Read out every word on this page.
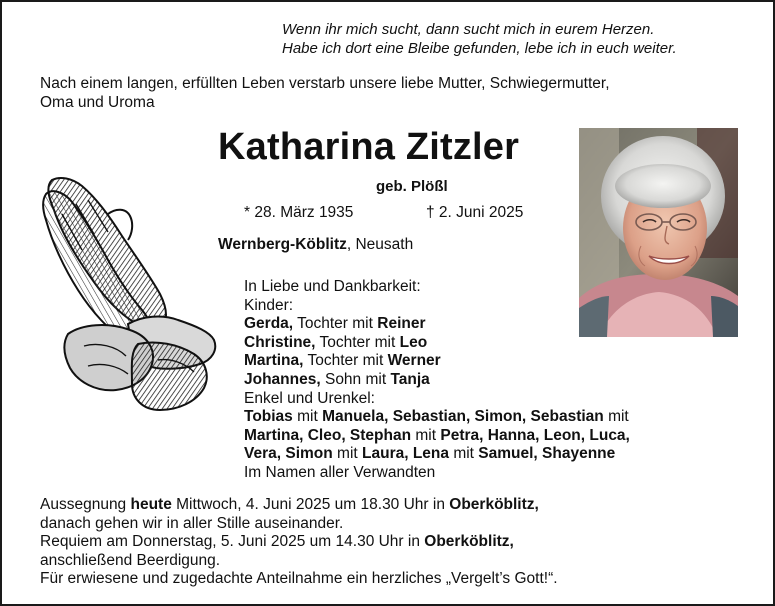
Wenn ihr mich sucht, dann sucht mich in eurem Herzen.
Habe ich dort eine Bleibe gefunden, lebe ich in euch weiter.
Nach einem langen, erfüllten Leben verstarb unsere liebe Mutter, Schwiegermutter,
Oma und Uroma
Katharina Zitzler
geb. Plößl
* 28. März 1935	† 2. Juni 2025
Wernberg-Köblitz, Neusath
In Liebe und Dankbarkeit:
Kinder:
Gerda, Tochter mit Reiner
Christine, Tochter mit Leo
Martina, Tochter mit Werner
Johannes, Sohn mit Tanja
Enkel und Urenkel:
Tobias mit Manuela, Sebastian, Simon, Sebastian mit
Martina, Cleo, Stephan mit Petra, Hanna, Leon, Luca,
Vera, Simon mit Laura, Lena mit Samuel, Shayenne
Im Namen aller Verwandten
Aussegnung heute Mittwoch, 4. Juni 2025 um 18.30 Uhr in Oberköblitz,
danach gehen wir in aller Stille auseinander.
Requiem am Donnerstag, 5. Juni 2025 um 14.30 Uhr in Oberköblitz,
anschließend Beerdigung.
Für erwiesene und zugedachte Anteilnahme ein herzliches „Vergelt’s Gott!“.
